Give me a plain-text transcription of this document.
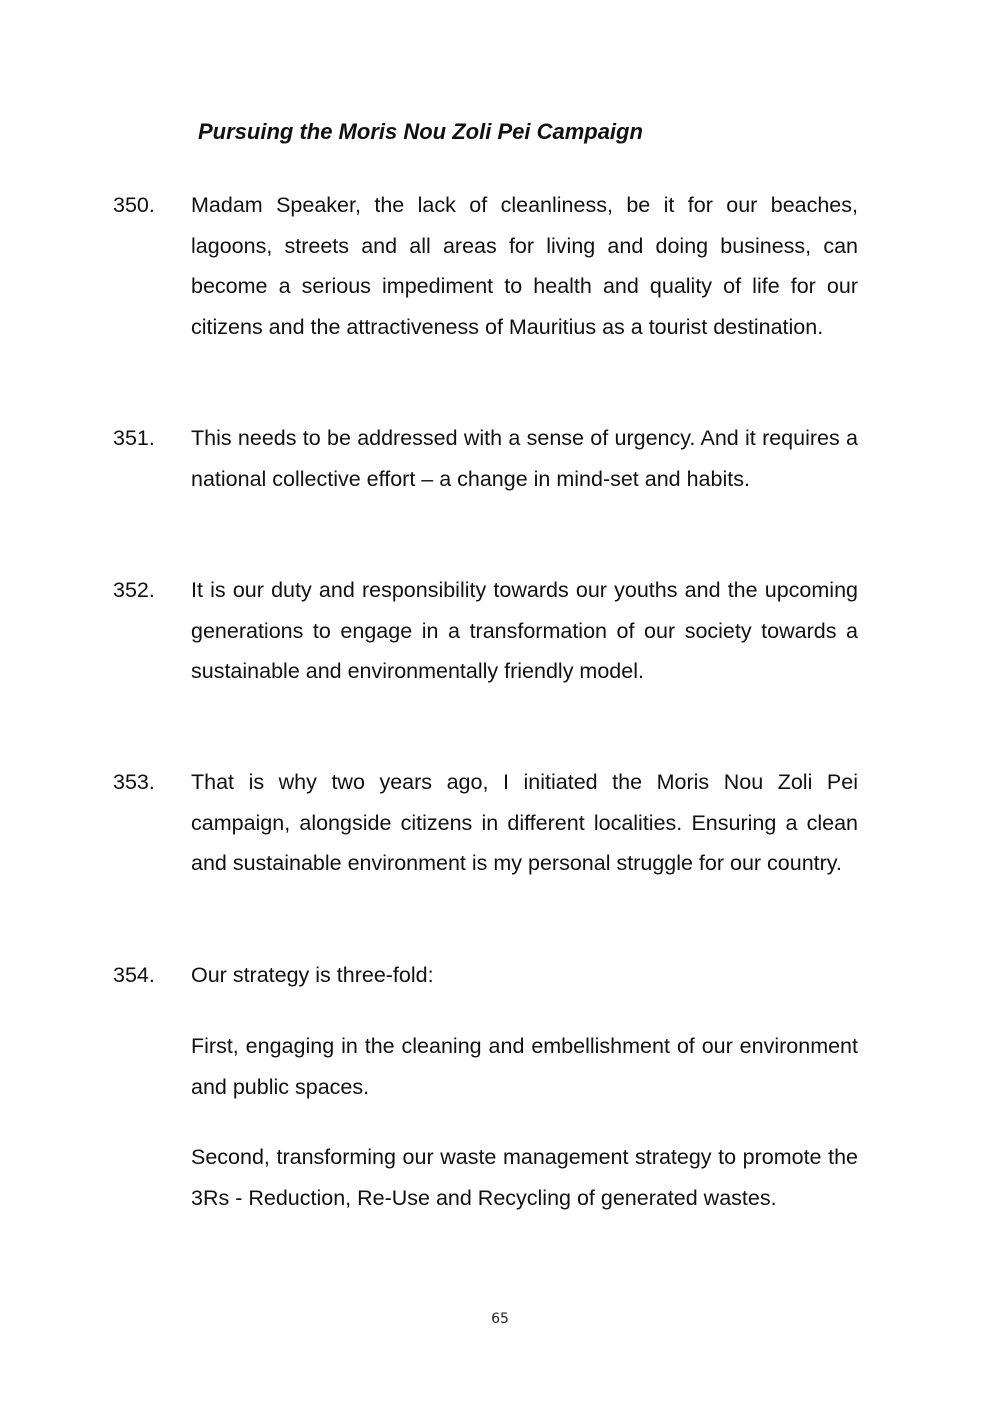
Pursuing the Moris Nou Zoli Pei Campaign
350.	Madam Speaker, the lack of cleanliness, be it for our beaches, lagoons, streets and all areas for living and doing business, can become a serious impediment to health and quality of life for our citizens and the attractiveness of Mauritius as a tourist destination.
351.	This needs to be addressed with a sense of urgency. And it requires a national collective effort – a change in mind-set and habits.
352.	It is our duty and responsibility towards our youths and the upcoming generations to engage in a transformation of our society towards a sustainable and environmentally friendly model.
353.	That is why two years ago, I initiated the Moris Nou Zoli Pei campaign, alongside citizens in different localities. Ensuring a clean and sustainable environment is my personal struggle for our country.
354.	Our strategy is three-fold:
First, engaging in the cleaning and embellishment of our environment and public spaces.
Second, transforming our waste management strategy to promote the 3Rs - Reduction, Re-Use and Recycling of generated wastes.
65
